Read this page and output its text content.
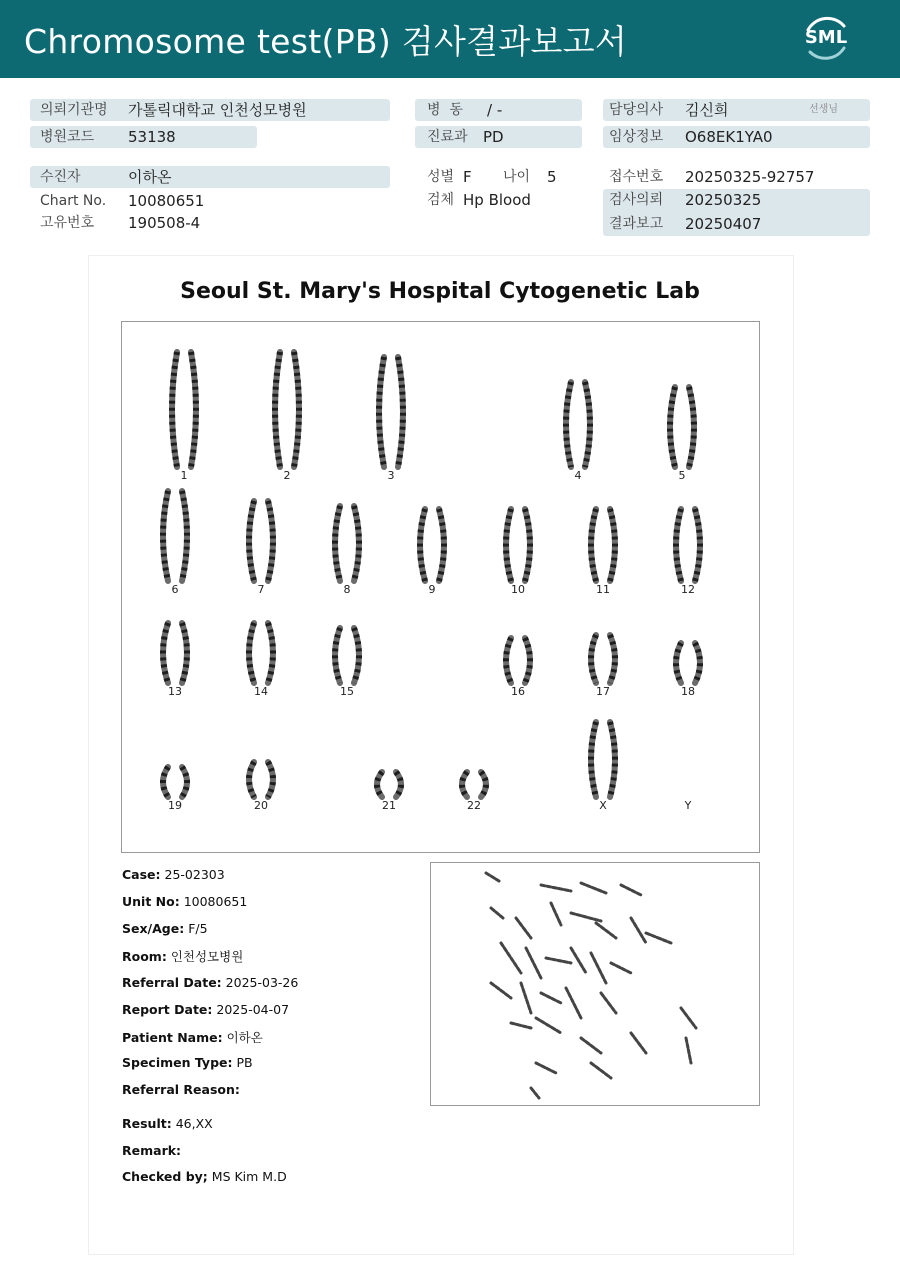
Chromosome test(PB) 검사결과보고서	SML
의뢰기관명 가톨릭대학교 인천성모병원
병원코드 53138
수진자	이하온
Chart No. 10080651
고유번호 190508-4
병  동 / -
진료과 PD
성별 F 나이 5
검체 Hp Blood
담당의사 김신희	선생님
임상정보 O68EK1YA0
접수번호 20250325-92757
검사의뢰 20250325
결과보고 20250407
Seoul St. Mary's Hospital Cytogenetic Lab
1	2	3	4	5
6	7	8	9	10	11	12
13	14	15	16	17	18
19	20	21	22	X	Y
Case: 25-02303
Unit No: 10080651
Sex/Age: F/5
Room: 인천성모병원
Referral Date: 2025-03-26
Report Date: 2025-04-07
Patient Name: 이하온
Specimen Type: PB
Referral Reason:
Result: 46,XX
Remark:
Checked by; MS Kim M.D
